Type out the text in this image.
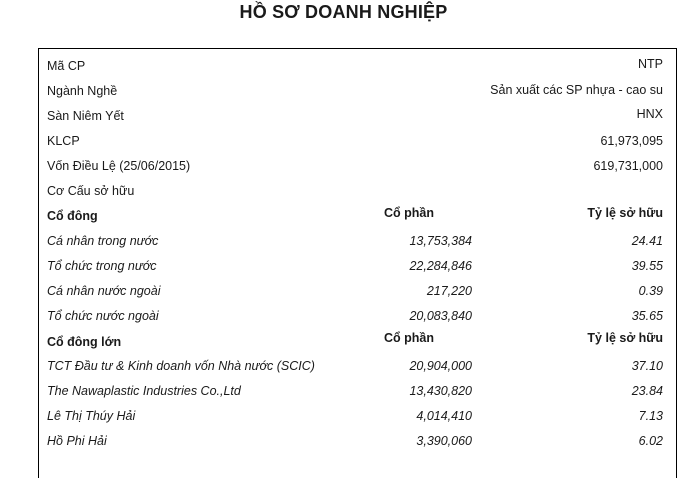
HỒ SƠ DOANH NGHIỆP
Mã CP	NTP
Ngành Nghề	Sản xuất các SP nhựa - cao su
Sàn Niêm Yết	HNX
KLCP	61,973,095
Vốn Điều Lệ (25/06/2015)	619,731,000
Cơ Cấu sở hữu
Cổ đông	Cổ phần	Tỷ lệ sở hữu
Cá nhân trong nước	13,753,384	24.41
Tổ chức trong nước	22,284,846	39.55
Cá nhân nước ngoài	217,220	0.39
Tổ chức nước ngoài	20,083,840	35.65
Cổ đông lớn	Cổ phần	Tỷ lệ sở hữu
TCT Đầu tư & Kinh doanh vốn Nhà nước (SCIC)	20,904,000	37.10
The Nawaplastic Industries Co.,Ltd	13,430,820	23.84
Lê Thị Thúy Hải	4,014,410	7.13
Hồ Phi Hải	3,390,060	6.02
